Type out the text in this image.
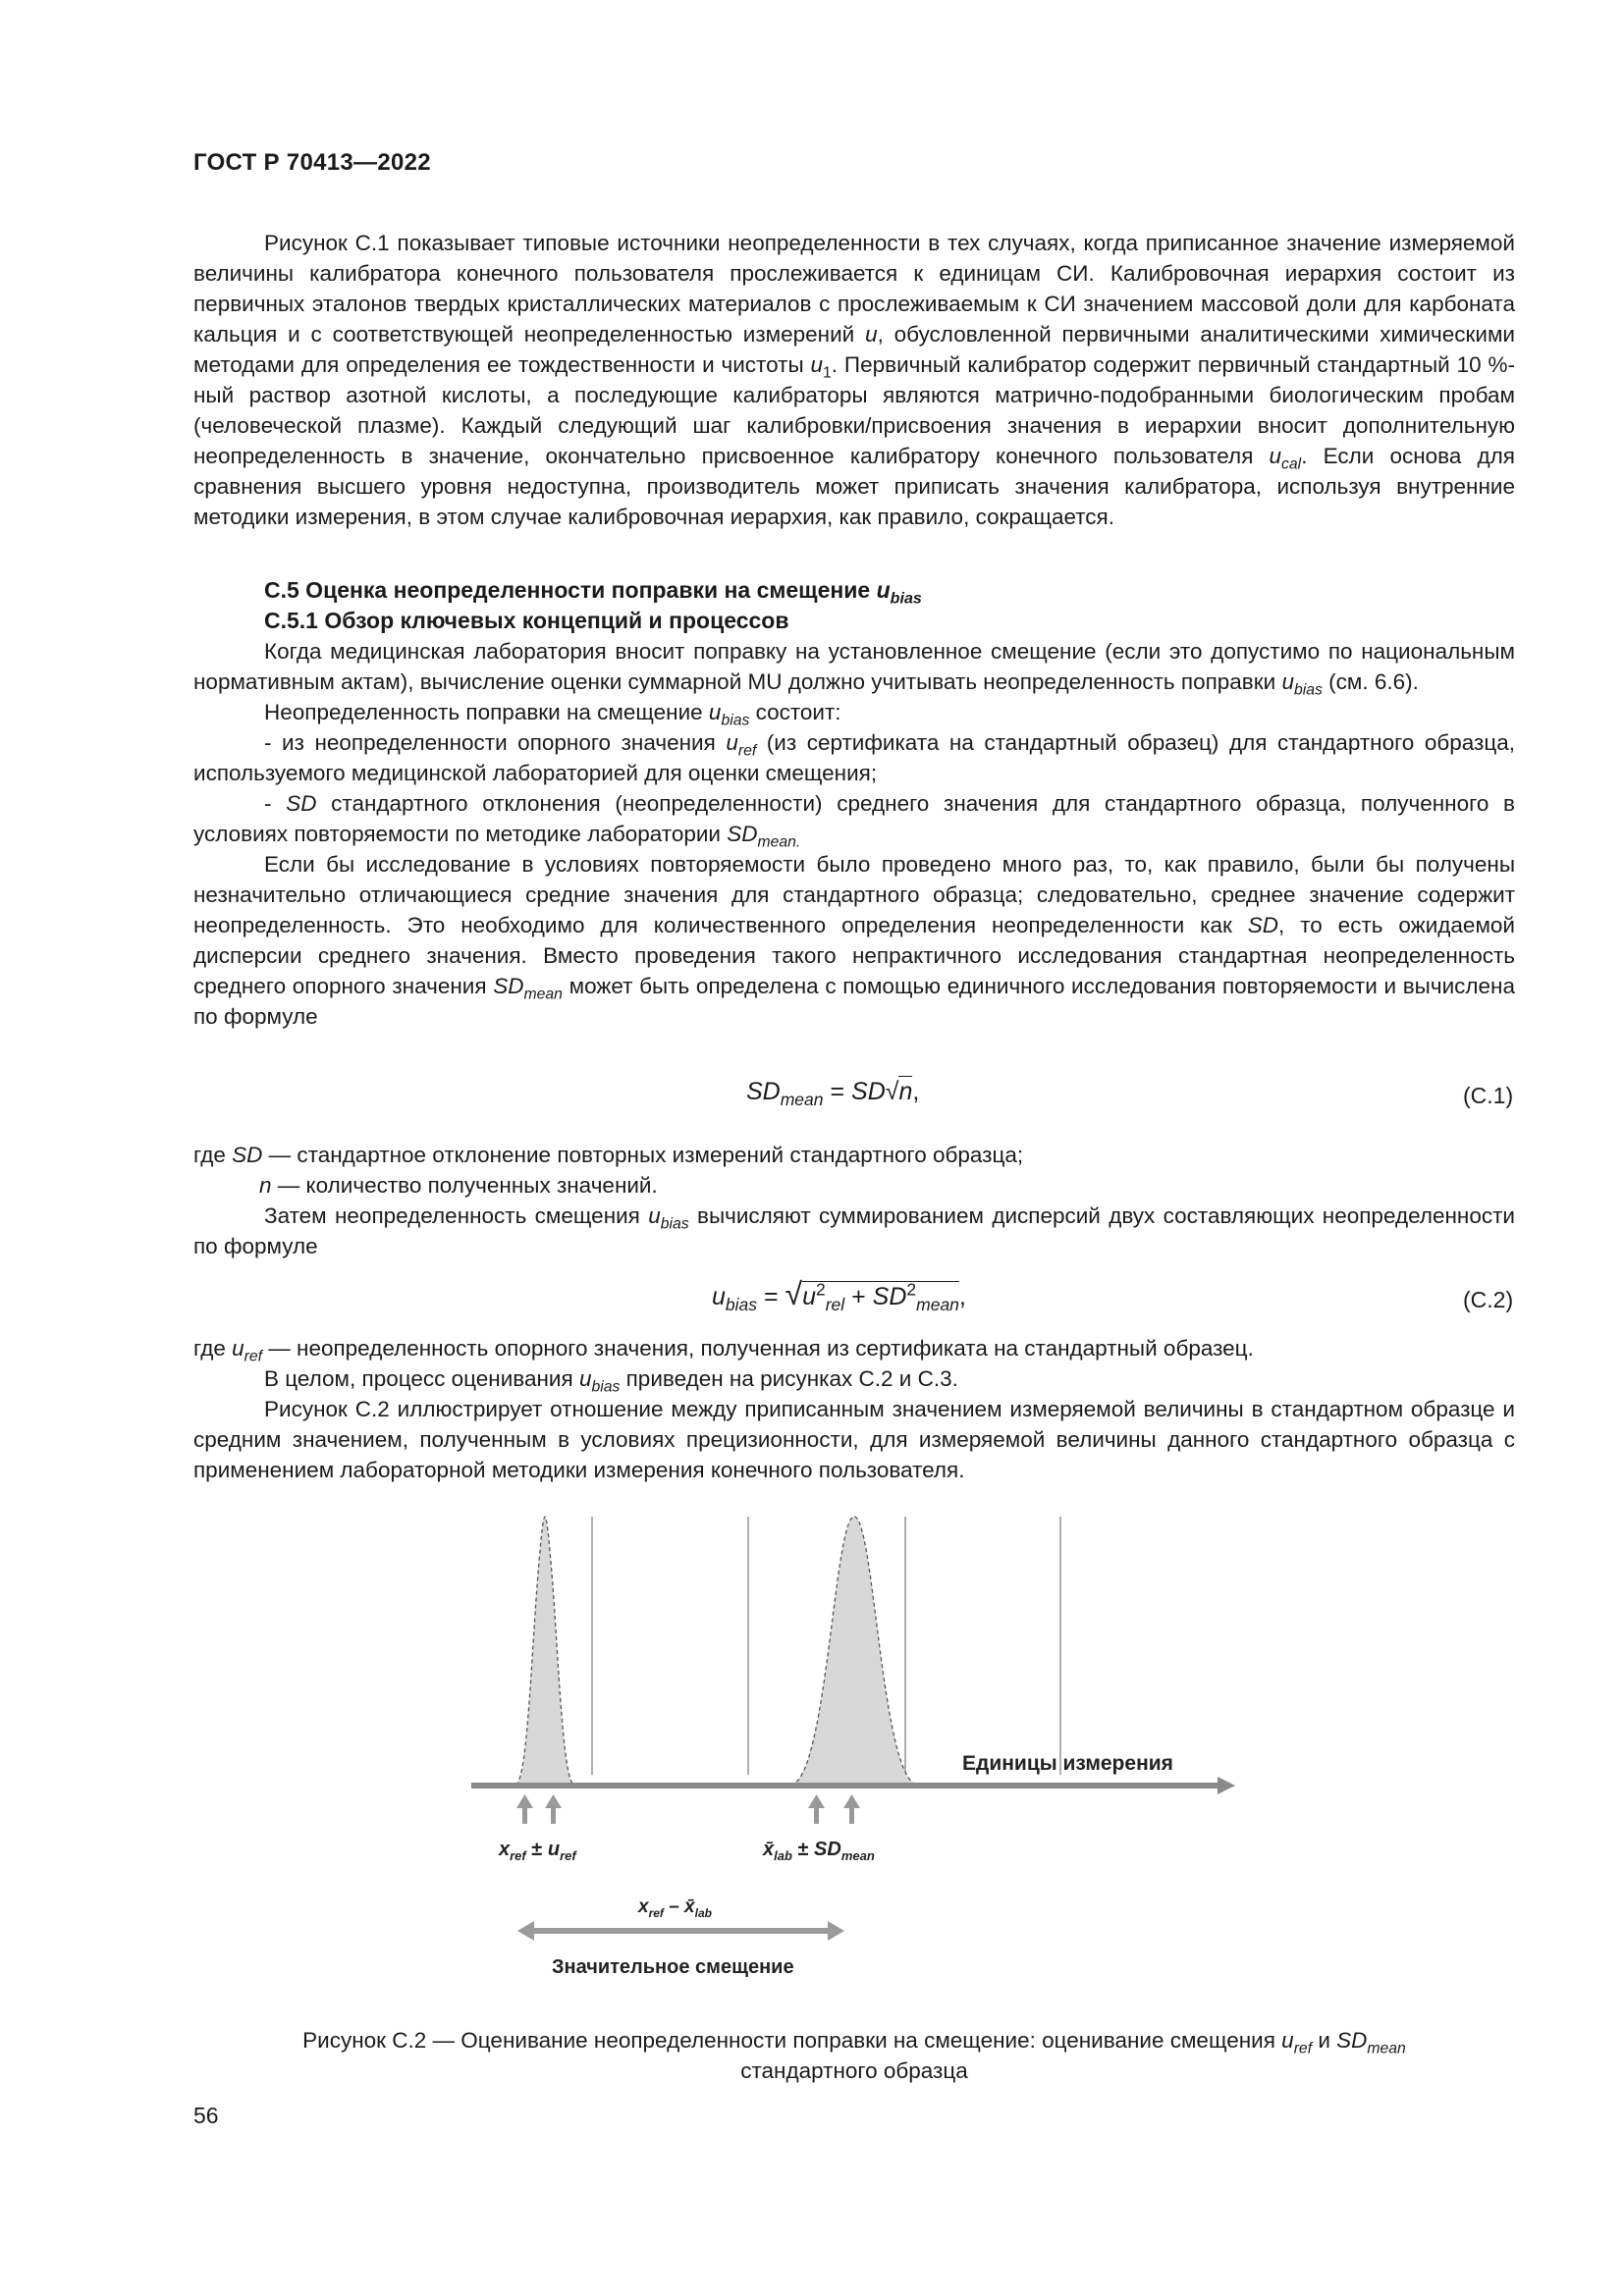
ГОСТ Р 70413—2022

Рисунок С.1 показывает типовые источники неопределенности в тех случаях, когда приписанное значение измеряемой величины калибратора конечного пользователя прослеживается к единицам СИ. Калибровочная иерархия состоит из первичных эталонов твердых кристаллических материалов с прослеживаемым к СИ значением массовой доли для карбоната кальция и с соответствующей неопределенностью измерений u, обусловленной первичными аналитическими химическими методами для определения ее тождественности и чистоты $u_1$. Первичный калибратор содержит первичный стандартный 10 %-ный раствор азотной кислоты, а последующие калибраторы являются матрично-подобранными биологическим пробам (человеческой плазме). Каждый следующий шаг калибровки/присвоения значения в иерархии вносит дополнительную неопределенность в значение, окончательно присвоенное калибратору конечного пользователя $u_{cal}$. Если основа для сравнения высшего уровня недоступна, производитель может приписать значения калибратора, используя внутренние методики измерения, в этом случае калибровочная иерархия, как правило, сокращается.

С.5 Оценка неопределенности поправки на смещение $u_{bias}$

С.5.1 Обзор ключевых концепций и процессов

Когда медицинская лаборатория вносит поправку на установленное смещение (если это допустимо по национальным нормативным актам), вычисление оценки суммарной MU должно учитывать неопределенность поправки $u_{bias}$ (см. 6.6).

Неопределенность поправки на смещение $u_{bias}$ состоит:

- из неопределенности опорного значения $u_{ref}$ (из сертификата на стандартный образец) для стандартного образца, используемого медицинской лабораторией для оценки смещения;

- SD стандартного отклонения (неопределенности) среднего значения для стандартного образца, полученного в условиях повторяемости по методике лаборатории $SD_{mean.}$

Если бы исследование в условиях повторяемости было проведено много раз, то, как правило, были бы получены незначительно отличающиеся средние значения для стандартного образца; следовательно, среднее значение содержит неопределенность. Это необходимо для количественного определения неопределенности как SD, то есть ожидаемой дисперсии среднего значения. Вместо проведения такого непрактичного исследования стандартная неопределенность среднего опорного значения $SD_{mean}$ может быть определена с помощью единичного исследования повторяемости и вычислена по формуле

$SD_{mean} = SD√n$,	(С.1)

где SD — стандартное отклонение повторных измерений стандартного образца;

n — количество полученных значений.

Затем неопределенность смещения $u_{bias}$ вычисляют суммированием дисперсий двух составляющих неопределенности по формуле

$u_{bias} = √u^2_{rel} + SD^2_{mean}$,	(С.2)

где $u_{ref}$ — неопределенность опорного значения, полученная из сертификата на стандартный образец.

В целом, процесс оценивания $u_{bias}$ приведен на рисунках С.2 и С.3.

Рисунок С.2 иллюстрирует отношение между приписанным значением измеряемой величины в стандартном образце и средним значением, полученным в условиях прецизионности, для измеряемой величины данного стандартного образца с применением лабораторной методики измерения конечного пользователя.

Единицы измерения
$x_{ref} \pm u_{ref}$	$x̄_{lab} \pm SD_{mean}$
$x_{ref}$ – $x̄_{lab}$
Значительное смещение
Рисунок С.2 — Оценивание неопределенности поправки на смещение: оценивание смещения $u_{ref}$ и $SD_{mean}$
стандартного образца
56
